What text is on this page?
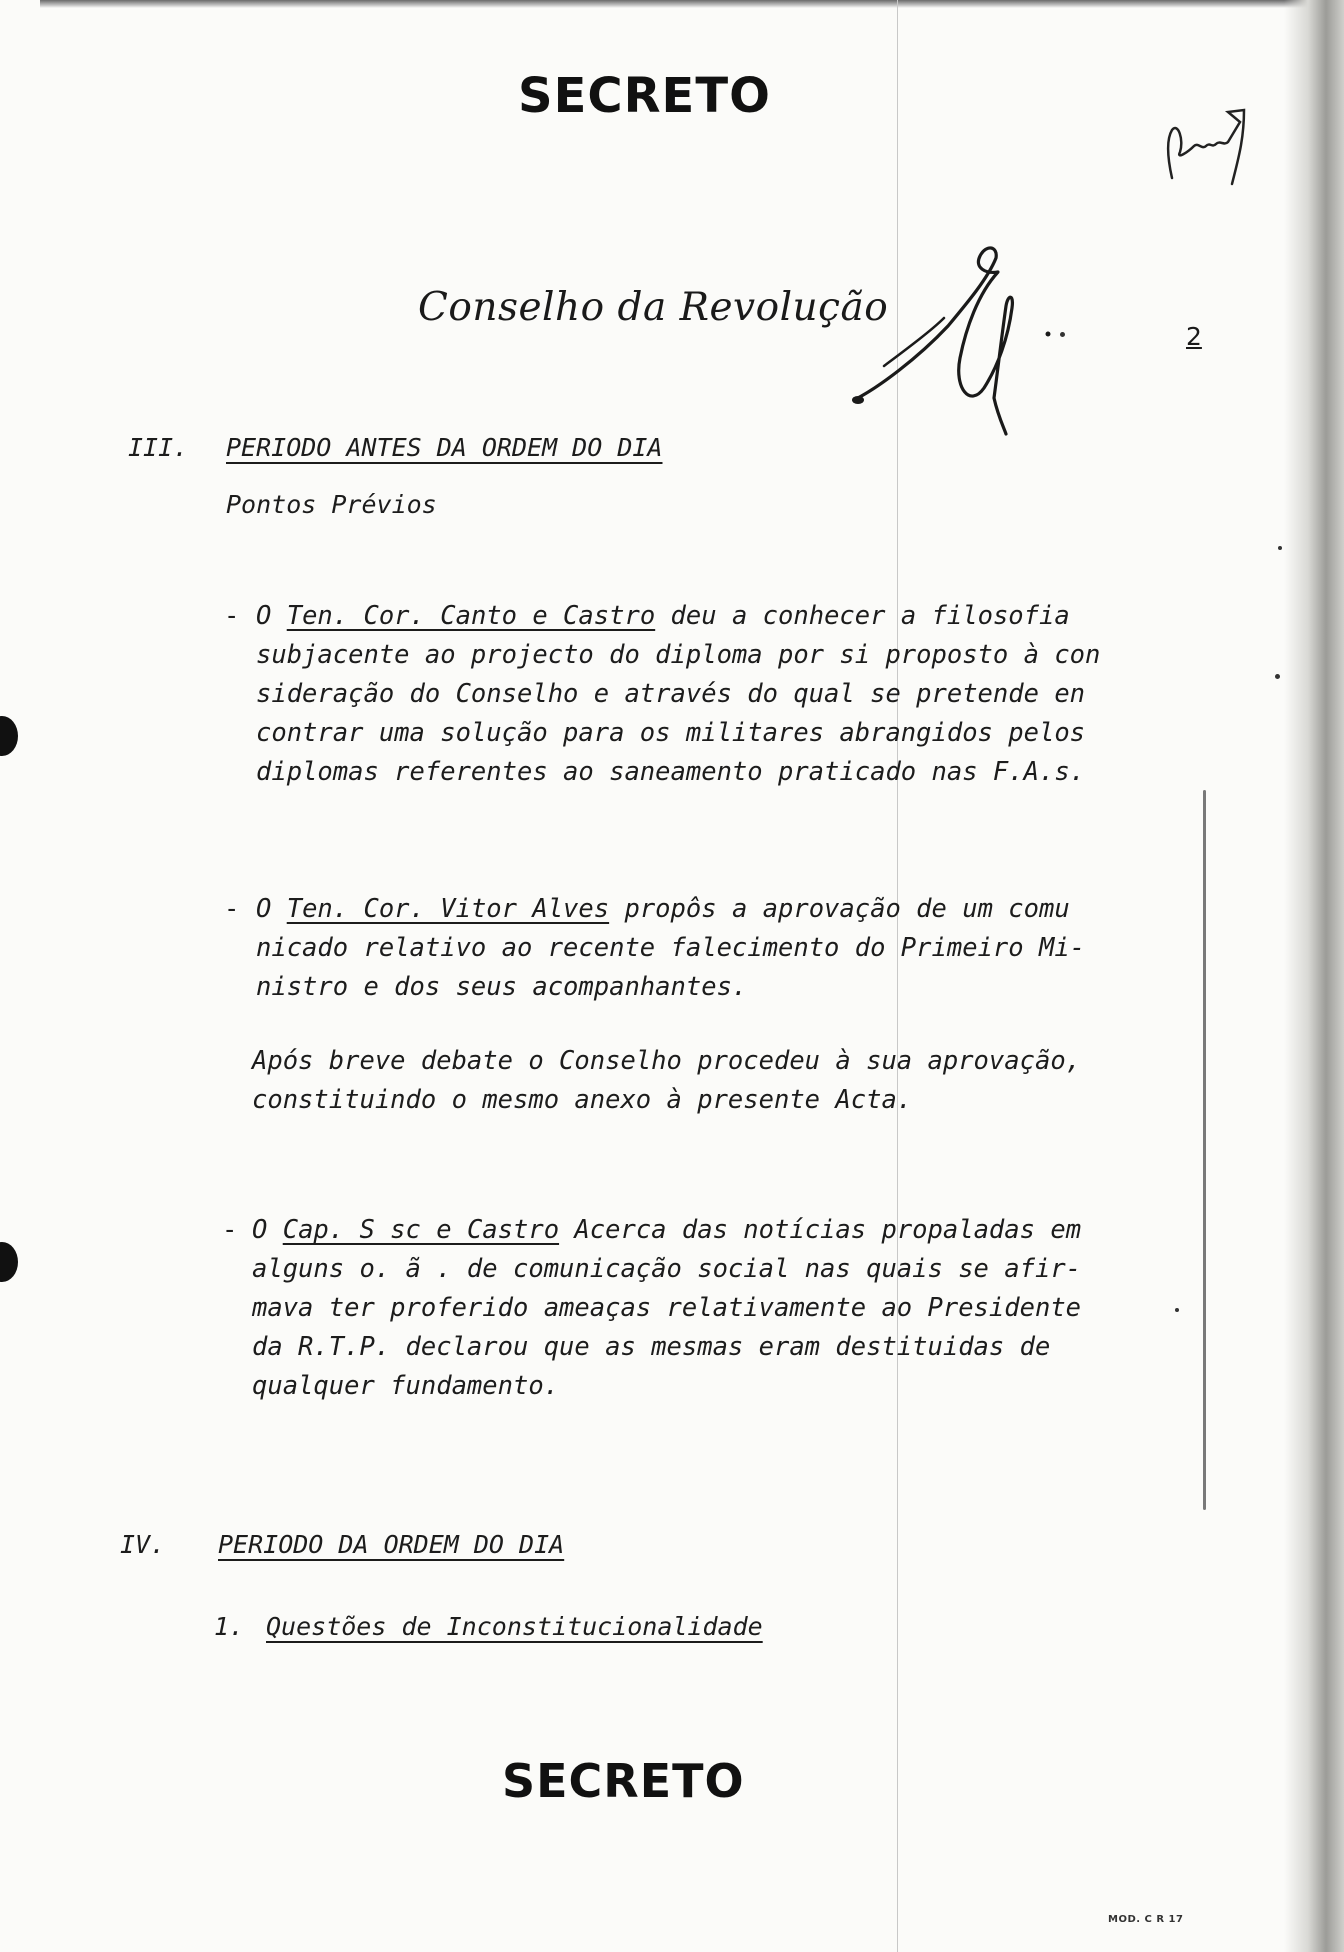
SECRETO
Conselho da Revolução
2
III. PERIODO ANTES DA ORDEM DO DIA
Pontos Prévios
- O Ten. Cor. Canto e Castro deu a conhecer a filosofia
subjacente ao projecto do diploma por si proposto à con
sideração do Conselho e através do qual se pretende en
contrar uma solução para os militares abrangidos pelos
diplomas referentes ao saneamento praticado nas F.A.s.
- O Ten. Cor. Vitor Alves propôs a aprovação de um comu
nicado relativo ao recente falecimento do Primeiro Mi-
nistro e dos seus acompanhantes.
Após breve debate o Conselho procedeu à sua aprovação,
constituindo o mesmo anexo à presente Acta.
- O Cap. S sc e Castro Acerca das notícias propaladas em
alguns o. ã . de comunicação social nas quais se afir-
mava ter proferido ameaças relativamente ao Presidente
da R.T.P. declarou que as mesmas eram destituidas de
qualquer fundamento.
IV. PERIODO DA ORDEM DO DIA
1. Questões de Inconstitucionalidade
SECRETO
MOD. C R 17
